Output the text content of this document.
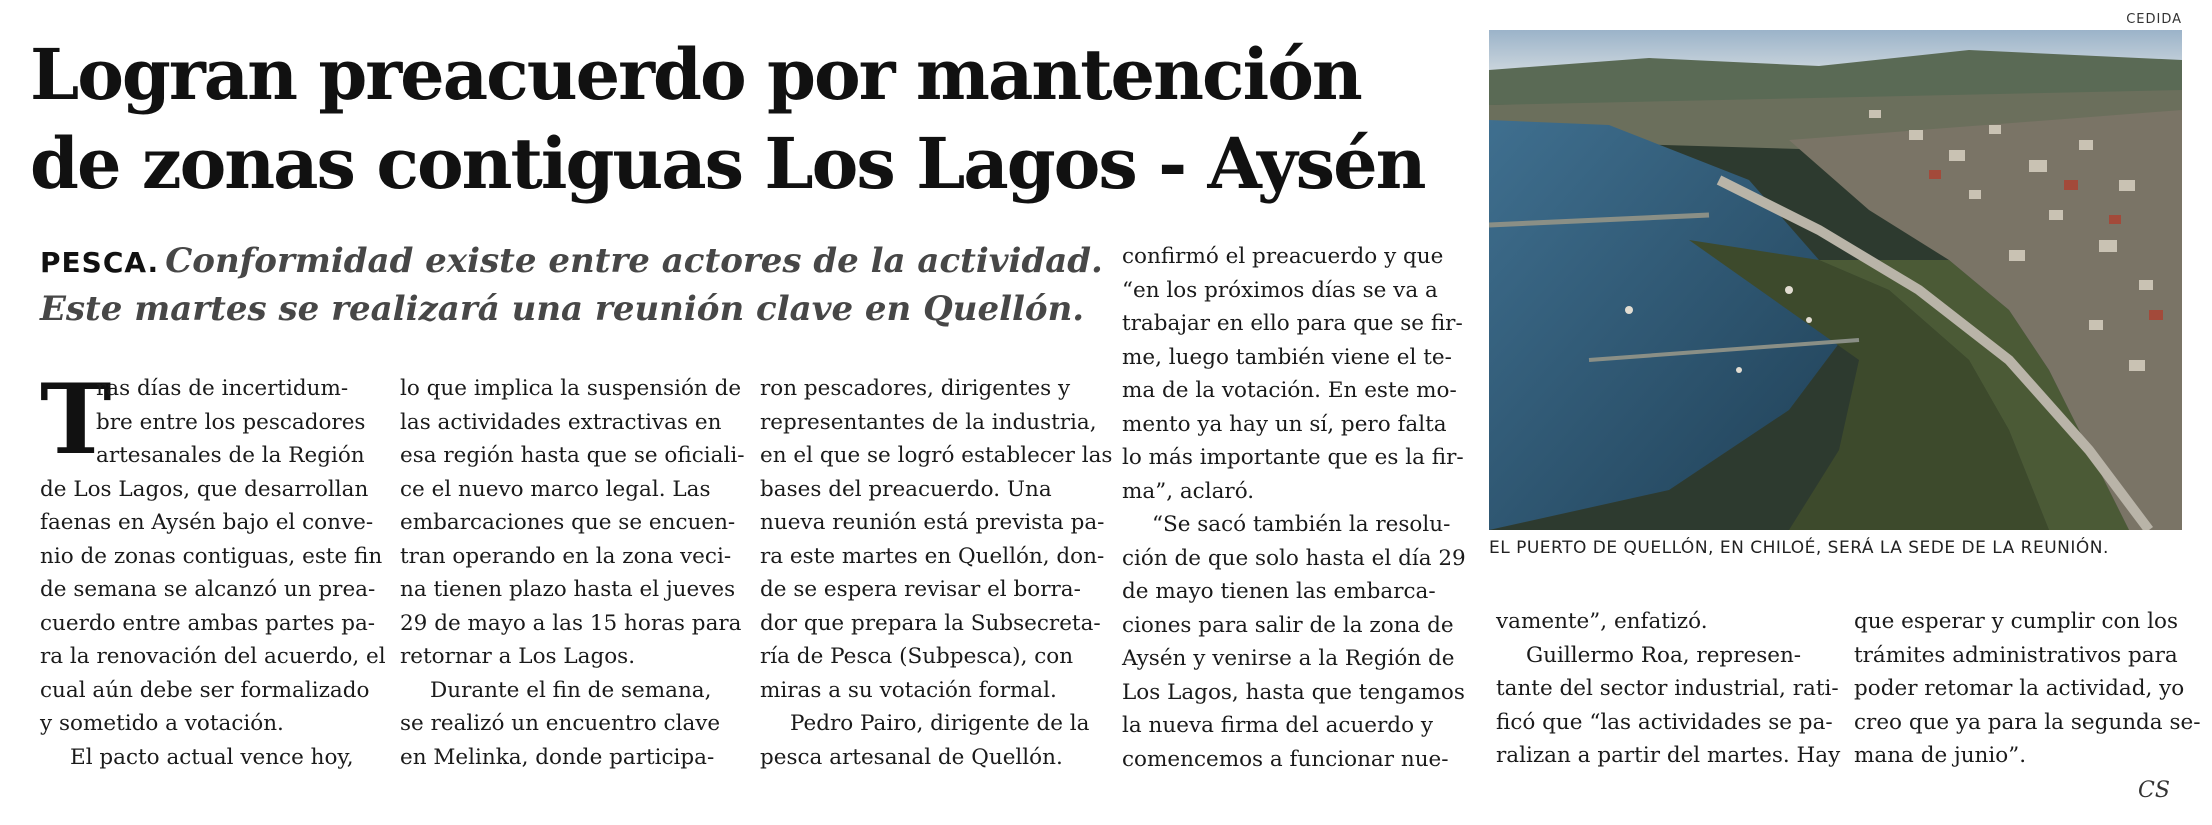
Logran preacuerdo por mantención
de zonas contiguas Los Lagos - Aysén

PESCA. Conformidad existe entre actores de la actividad.
Este martes se realizará una reunión clave en Quellón.

T
ras días de incertidum-
bre entre los pescadores
artesanales de la Región
de Los Lagos, que desarrollan
faenas en Aysén bajo el conve-
nio de zonas contiguas, este fin
de semana se alcanzó un prea-
cuerdo entre ambas partes pa-
ra la renovación del acuerdo, el
cual aún debe ser formalizado
y sometido a votación.
El pacto actual vence hoy,
lo que implica la suspensión de
las actividades extractivas en
esa región hasta que se oficiali-
ce el nuevo marco legal. Las
embarcaciones que se encuen-
tran operando en la zona veci-
na tienen plazo hasta el jueves
29 de mayo a las 15 horas para
retornar a Los Lagos.
Durante el fin de semana,
se realizó un encuentro clave
en Melinka, donde participa-
ron pescadores, dirigentes y
representantes de la industria,
en el que se logró establecer las
bases del preacuerdo. Una
nueva reunión está prevista pa-
ra este martes en Quellón, don-
de se espera revisar el borra-
dor que prepara la Subsecreta-
ría de Pesca (Subpesca), con
miras a su votación formal.
Pedro Pairo, dirigente de la
pesca artesanal de Quellón.
confirmó el preacuerdo y que
“en los próximos días se va a
trabajar en ello para que se fir-
me, luego también viene el te-
ma de la votación. En este mo-
mento ya hay un sí, pero falta
lo más importante que es la fir-
ma”, aclaró.
“Se sacó también la resolu-
ción de que solo hasta el día 29
de mayo tienen las embarca-
ciones para salir de la zona de
Aysén y venirse a la Región de
Los Lagos, hasta que tengamos
la nueva firma del acuerdo y
comencemos a funcionar nue-
CEDIDA
EL PUERTO DE QUELLÓN, EN CHILOÉ, SERÁ LA SEDE DE LA REUNIÓN.
vamente”, enfatizó.
Guillermo Roa, represen-
tante del sector industrial, rati-
ficó que “las actividades se pa-
ralizan a partir del martes. Hay
que esperar y cumplir con los
trámites administrativos para
poder retomar la actividad, yo
creo que ya para la segunda se-
mana de junio”.
CS
